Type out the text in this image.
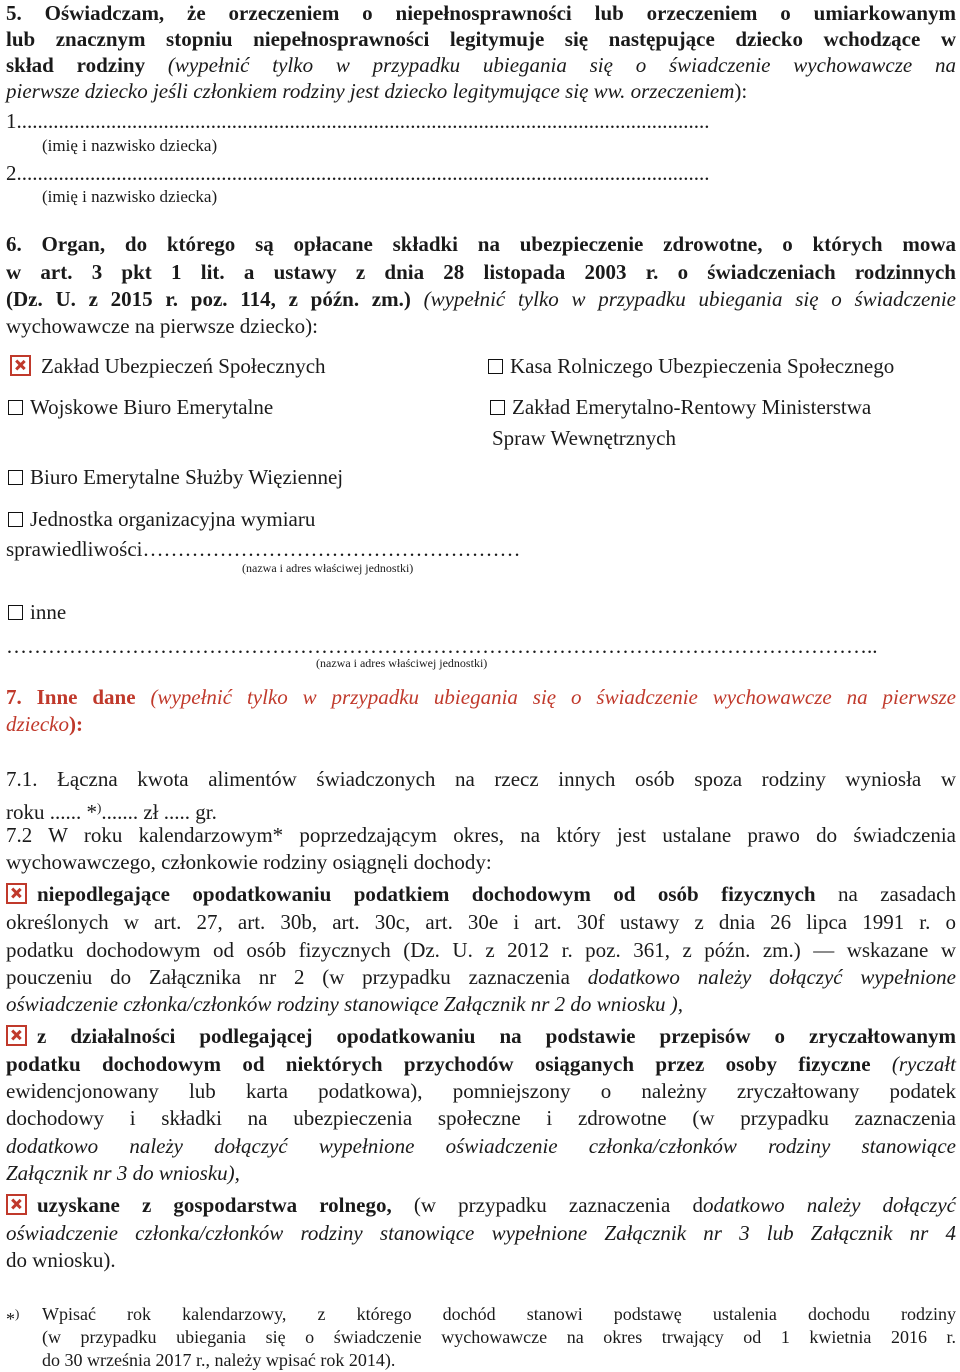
5. Oświadczam, że orzeczeniem o niepełnosprawności lub orzeczeniem o umiarkowanym
lub znacznym stopniu niepełnosprawności legitymuje się następujące dziecko wchodzące w
skład rodziny (wypełnić tylko w przypadku ubiegania się o świadczenie wychowawcze na
pierwsze dziecko jeśli członkiem rodziny jest dziecko legitymujące się ww. orzeczeniem):
1....................................................................................................................................
(imię i nazwisko dziecka)
2....................................................................................................................................
(imię i nazwisko dziecka)
6. Organ, do którego są opłacane składki na ubezpieczenie zdrowotne, o których mowa
w art. 3 pkt 1 lit. a ustawy z dnia 28 listopada 2003 r. o świadczeniach rodzinnych
(Dz. U. z 2015 r. poz. 114, z późn. zm.) (wypełnić tylko w przypadku ubiegania się o świadczenie
wychowawcze na pierwsze dziecko):
Zakład Ubezpieczeń Społecznych	Kasa Rolniczego Ubezpieczenia Społecznego
Wojskowe Biuro Emerytalne	Zakład Emerytalno-Rentowy Ministerstwa
Spraw Wewnętrznych
Biuro Emerytalne Służby Więziennej
Jednostka organizacyjna wymiaru
sprawiedliwości………………………………………………
(nazwa i adres właściwej jednostki)
inne
……………………………………………………………………………………………………………..
(nazwa i adres właściwej jednostki)
7. Inne dane (wypełnić tylko w przypadku ubiegania się o świadczenie wychowawcze na pierwsze
dziecko):
7.1. Łączna kwota alimentów świadczonych na rzecz innych osób spoza rodziny wyniosła w
roku ...... *)....... zł ..... gr.
7.2 W roku kalendarzowym* poprzedzającym okres, na który jest ustalane prawo do świadczenia
wychowawczego, członkowie rodziny osiągnęli dochody:
niepodlegające opodatkowaniu podatkiem dochodowym od osób fizycznych na zasadach
określonych w art. 27, art. 30b, art. 30c, art. 30e i art. 30f ustawy z dnia 26 lipca 1991 r. o
podatku dochodowym od osób fizycznych (Dz. U. z 2012 r. poz. 361, z późn. zm.) — wskazane w
pouczeniu do Załącznika nr 2 (w przypadku zaznaczenia dodatkowo należy dołączyć wypełnione
oświadczenie członka/członków rodziny stanowiące Załącznik nr 2 do wniosku ),
z działalności podlegającej opodatkowaniu na podstawie przepisów o zryczałtowanym
podatku dochodowym od niektórych przychodów osiąganych przez osoby fizyczne (ryczałt
ewidencjonowany lub karta podatkowa), pomniejszony o należny zryczałtowany podatek
dochodowy i składki na ubezpieczenia społeczne i zdrowotne (w przypadku zaznaczenia
dodatkowo należy dołączyć wypełnione oświadczenie członka/członków rodziny stanowiące
Załącznik nr 3 do wniosku),
uzyskane z gospodarstwa rolnego, (w przypadku zaznaczenia dodatkowo należy dołączyć
oświadczenie członka/członków rodziny stanowiące wypełnione Załącznik nr 3 lub Załącznik nr 4
do wniosku).
*) Wpisać rok kalendarzowy, z którego dochód stanowi podstawę ustalenia dochodu rodziny
(w przypadku ubiegania się o świadczenie wychowawcze na okres trwający od 1 kwietnia 2016 r.
do 30 września 2017 r., należy wpisać rok 2014).
